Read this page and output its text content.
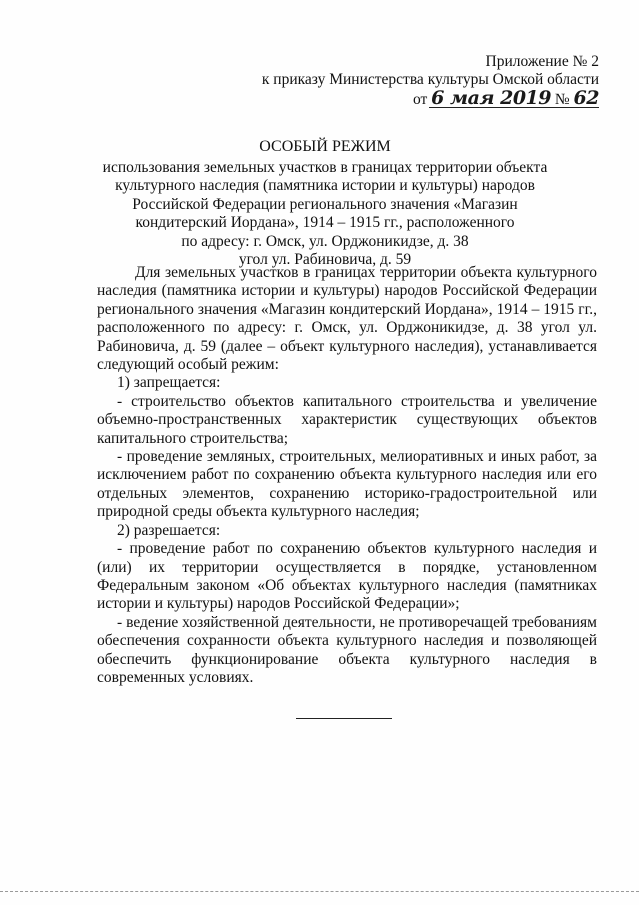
Приложение № 2
к приказу Министерства культуры Омской области
от 6 мая 2019 № 62
ОСОБЫЙ РЕЖИМ
использования земельных участков в границах территории объекта
культурного наследия (памятника истории и культуры) народов
Российской Федерации регионального значения «Магазин
кондитерский Иордана», 1914 – 1915 гг., расположенного
по адресу: г. Омск, ул. Орджоникидзе, д. 38
угол ул. Рабиновича, д. 59

Для земельных участков в границах территории объекта культурного наследия (памятника истории и культуры) народов Российской Федерации регионального значения «Магазин кондитерский Иордана», 1914 – 1915 гг., расположенного по адресу: г. Омск, ул. Орджоникидзе, д. 38 угол ул. Рабиновича, д. 59 (далее – объект культурного наследия), устанавливается следующий особый режим:

1) запрещается:

- строительство объектов капитального строительства и увеличение объемно-пространственных характеристик существующих объектов капитального строительства;

- проведение земляных, строительных, мелиоративных и иных работ, за исключением работ по сохранению объекта культурного наследия или его отдельных элементов, сохранению историко-градостроительной или природной среды объекта культурного наследия;

2) разрешается:

- проведение работ по сохранению объектов культурного наследия и (или) их территории осуществляется в порядке, установленном Федеральным законом «Об объектах культурного наследия (памятниках истории и культуры) народов Российской Федерации»;

- ведение хозяйственной деятельности, не противоречащей требованиям обеспечения сохранности объекта культурного наследия и позволяющей обеспечить функционирование объекта культурного наследия в современных условиях.
